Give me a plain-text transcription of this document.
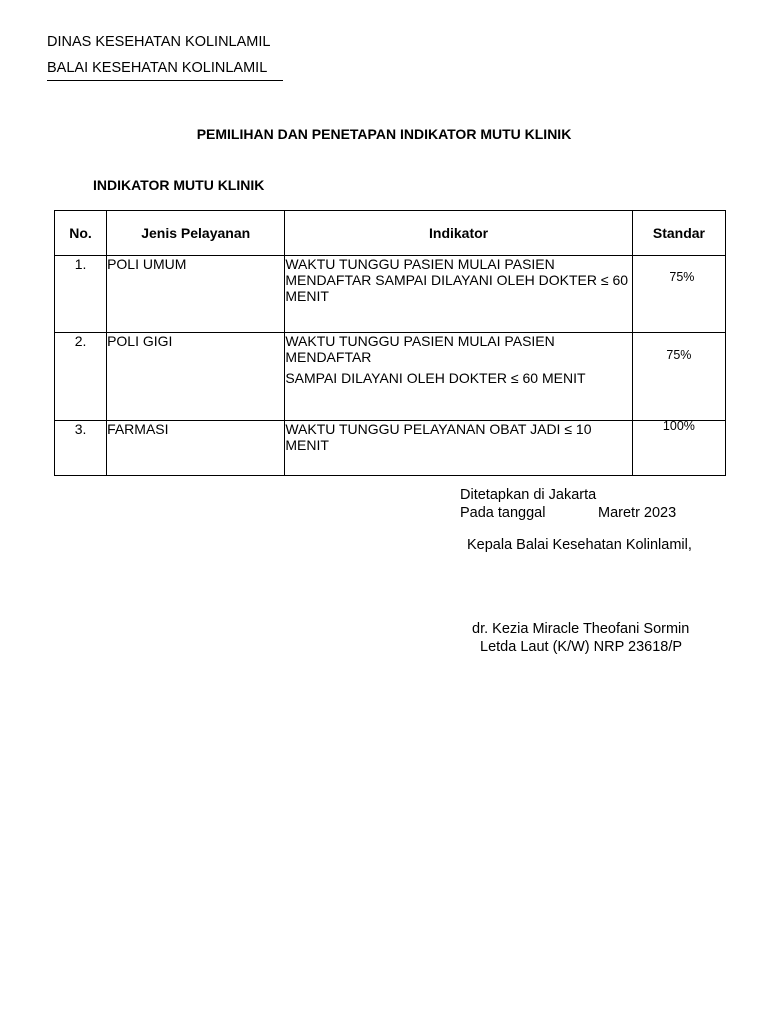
DINAS KESEHATAN KOLINLAMIL
BALAI KESEHATAN KOLINLAMIL
PEMILIHAN DAN PENETAPAN INDIKATOR MUTU KLINIK
INDIKATOR MUTU KLINIK
No.	Jenis Pelayanan	Indikator	Standar
1.	POLI UMUM	WAKTU TUNGGU PASIEN MULAI PASIEN MENDAFTAR SAMPAI DILAYANI OLEH DOKTER ≤ 60 MENIT	75%
2.	POLI GIGI	WAKTU TUNGGU PASIEN MULAI PASIEN MENDAFTAR
SAMPAI DILAYANI OLEH DOKTER ≤ 60 MENIT	75%
3.	FARMASI	WAKTU TUNGGU PELAYANAN OBAT JADI ≤ 10 MENIT	100%
Ditetapkan di Jakarta
Pada tanggal	Maretr 2023
Kepala Balai Kesehatan Kolinlamil,
dr. Kezia Miracle Theofani Sormin
Letda Laut (K/W) NRP 23618/P
